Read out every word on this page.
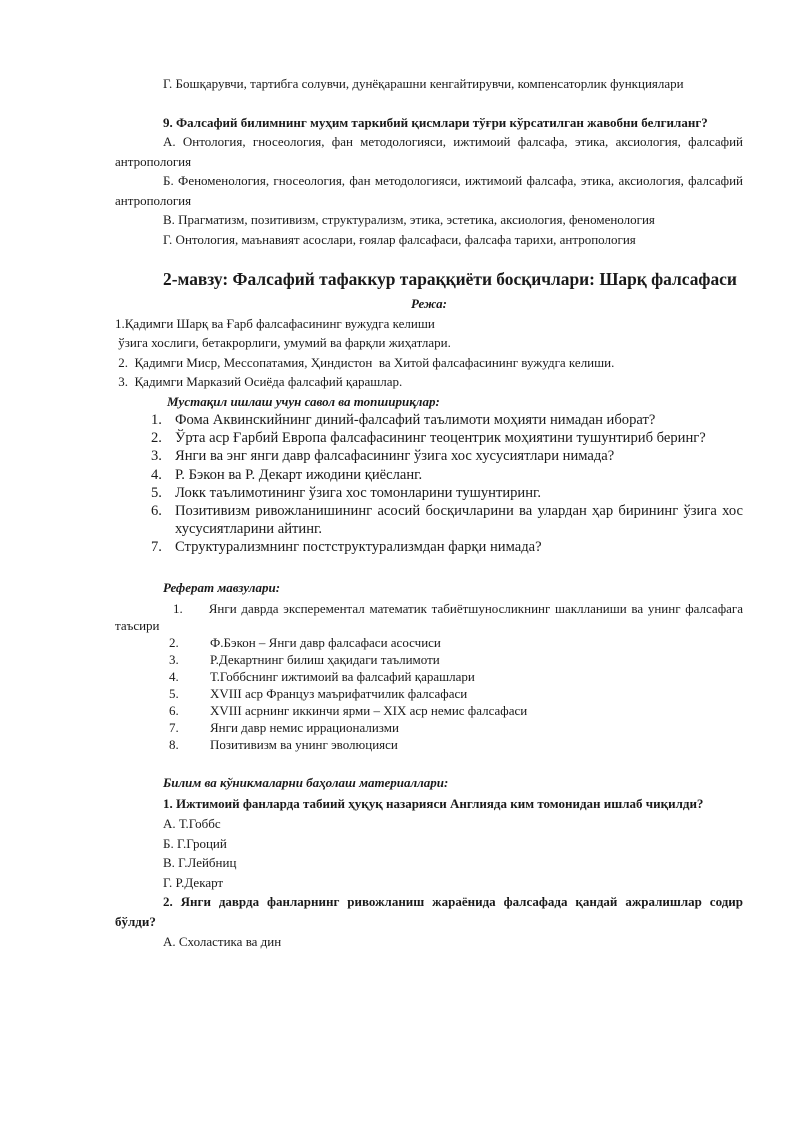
Г. Бошқарувчи, тартибга солувчи, дунёқарашни кенгайтирувчи, компенсаторлик функциялари

9. Фалсафий билимнинг муҳим таркибий қисмлари тўғри кўрсатилган жавобни белгиланг?

А. Онтология, гносеология, фан методологияси, ижтимоий фалсафа, этика, аксиология, фалсафий антропология

Б. Феноменология, гносеология, фан методологияси, ижтимоий фалсафа, этика, аксиология, фалсафий антропология

В. Прагматизм, позитивизм, структурализм, этика, эстетика, аксиология, феноменология

Г. Онтология, маънавият асослари, ғоялар фалсафаси, фалсафа тарихи, антропология

2-мавзу: Фалсафий тафаккур тараққиёти босқичлари: Шарқ фалсафаси

Режа:

1.Қадимги Шарқ ва Ғарб фалсафасининг вужудга келиши

ўзига хослиги, бетакрорлиги, умумий ва фарқли жиҳатлари.

2.  Қадимги Миср, Мессопатамия, Ҳиндистон  ва Хитой фалсафасининг вужудга келиши.

3.  Қадимги Марказий Осиёда фалсафий қарашлар.

Мустақил ишлаш учун савол ва топшириқлар:

1. Фома Аквинскийнинг диний-фалсафий таълимоти моҳияти нимадан иборат?
2. Ўрта аср Ғарбий Европа фалсафасининг теоцентрик моҳиятини тушунтириб беринг?
3. Янги ва энг янги давр фалсафасининг ўзига хос хусусиятлари нимада?
4. Р. Бэкон ва Р. Декарт ижодини қиёсланг.
5. Локк таълимотининг ўзига хос томонларини тушунтиринг.
6. Позитивизм ривожланишининг асосий босқичларини ва улардан ҳар бирининг ўзига хос хусусиятларини айтинг.
7. Структурализмнинг постструктурализмдан фарқи нимада?

Реферат мавзулари:

1. Янги даврда эксперементал математик табиётшуносликнинг шаклланиши ва унинг фалсафага таъсири

2. Ф.Бэкон – Янги давр фалсафаси асосчиси
3. Р.Декартнинг билиш ҳақидаги таълимоти
4. Т.Гоббснинг ижтимоий ва фалсафий қарашлари
5. XVIII аср Француз маърифатчилик фалсафаси
6. XVIII асрнинг иккинчи ярми – XIX аср немис фалсафаси
7. Янги давр немис иррационализми
8. Позитивизм ва унинг эволюцияси

Билим ва кўникмаларни баҳолаш материаллари:

1. Ижтимоий фанларда табиий ҳуқуқ назарияси Англияда ким томонидан ишлаб чиқилди?

А. Т.Гоббс

Б. Г.Гроций

В. Г.Лейбниц

Г. Р.Декарт

2. Янги даврда фанларнинг ривожланиш жараёнида фалсафада қандай ажралишлар содир бўлди?

А. Схоластика ва дин
